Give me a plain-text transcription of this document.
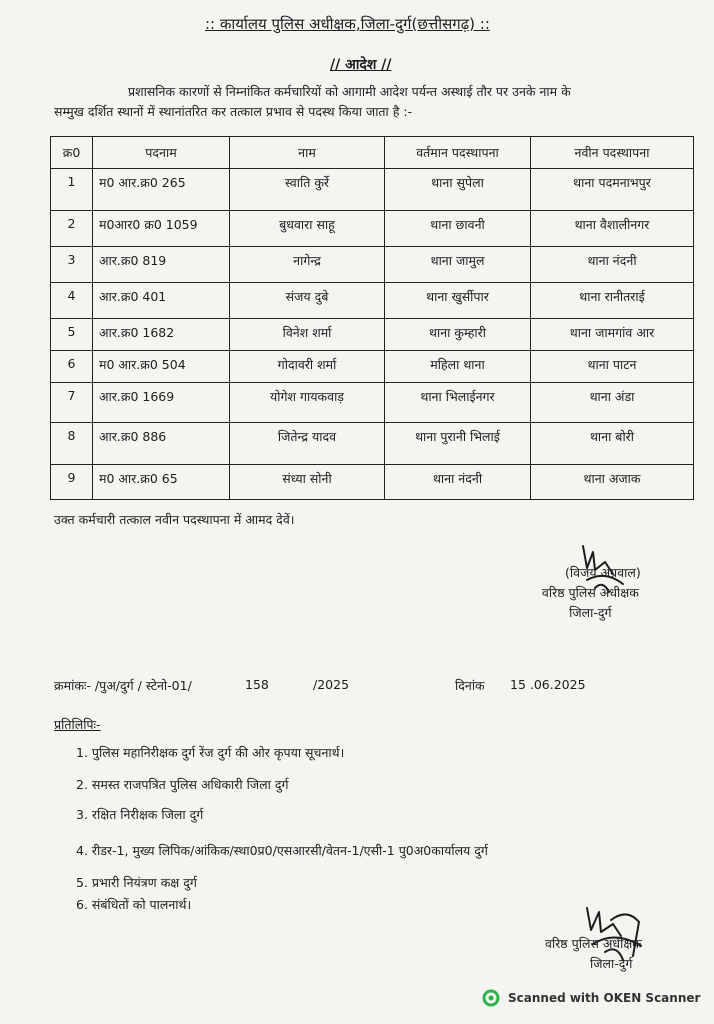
:: कार्यालय पुलिस अधीक्षक,जिला-दुर्ग(छत्तीसगढ़) ::
// आदेश //
प्रशासनिक कारणों से निम्नांकित कर्मचारियों को आगामी आदेश पर्यन्त अस्थाई तौर पर उनके नाम के
सम्मुख दर्शित स्थानों में स्थानांतरित कर तत्काल प्रभाव से पदस्थ किया जाता है :-
क्र0	पदनाम	नाम	वर्तमान पदस्थापना	नवीन पदस्थापना
1	म0 आर.क्र0 265	स्वाति कुर्रे	थाना सुपेला	थाना पदमनाभपुर
2	म0आर0 क्र0 1059	बुधवारा साहू	थाना छावनी	थाना वैशालीनगर
3	आर.क्र0 819	नागेन्द्र	थाना जामुल	थाना नंदनी
4	आर.क्र0 401	संजय दुबे	थाना खुर्सीपार	थाना रानीतराई
5	आर.क्र0 1682	विनेश शर्मा	थाना कुम्हारी	थाना जामगांव आर
6	म0 आर.क्र0 504	गोदावरी शर्मा	महिला थाना	थाना पाटन
7	आर.क्र0 1669	योगेश गायकवाड़	थाना भिलाईनगर	थाना अंडा
8	आर.क्र0 886	जितेन्द्र यादव	थाना पुरानी भिलाई	थाना बोरी
9	म0 आर.क्र0 65	संध्या सोनी	थाना नंदनी	थाना अजाक
उक्त कर्मचारी तत्काल नवीन पदस्थापना में आमद देवें।
(विजय अग्रवाल)
वरिष्ठ पुलिस अधीक्षक
जिला-दुर्ग
क्रमांकः- /पुअ/दुर्ग / स्टेनो-01/	158	/2025	दिनांक 15 .06.2025
प्रतिलिपिः-
1. पुलिस महानिरीक्षक दुर्ग रेंज दुर्ग की ओर कृपया सूचनार्थ।
2. समस्त राजपत्रित पुलिस अधिकारी जिला दुर्ग
3. रक्षित निरीक्षक जिला दुर्ग
4. रीडर-1, मुख्य लिपिक/आंकिक/स्था0प्र0/एसआरसी/वेतन-1/एसी-1 पु0अ0कार्यालय दुर्ग
5. प्रभारी नियंत्रण कक्ष दुर्ग
6. संबंधितों को पालनार्थ।
वरिष्ठ पुलिस अधीक्षक
जिला-दुर्ग
Scanned with OKEN Scanner
